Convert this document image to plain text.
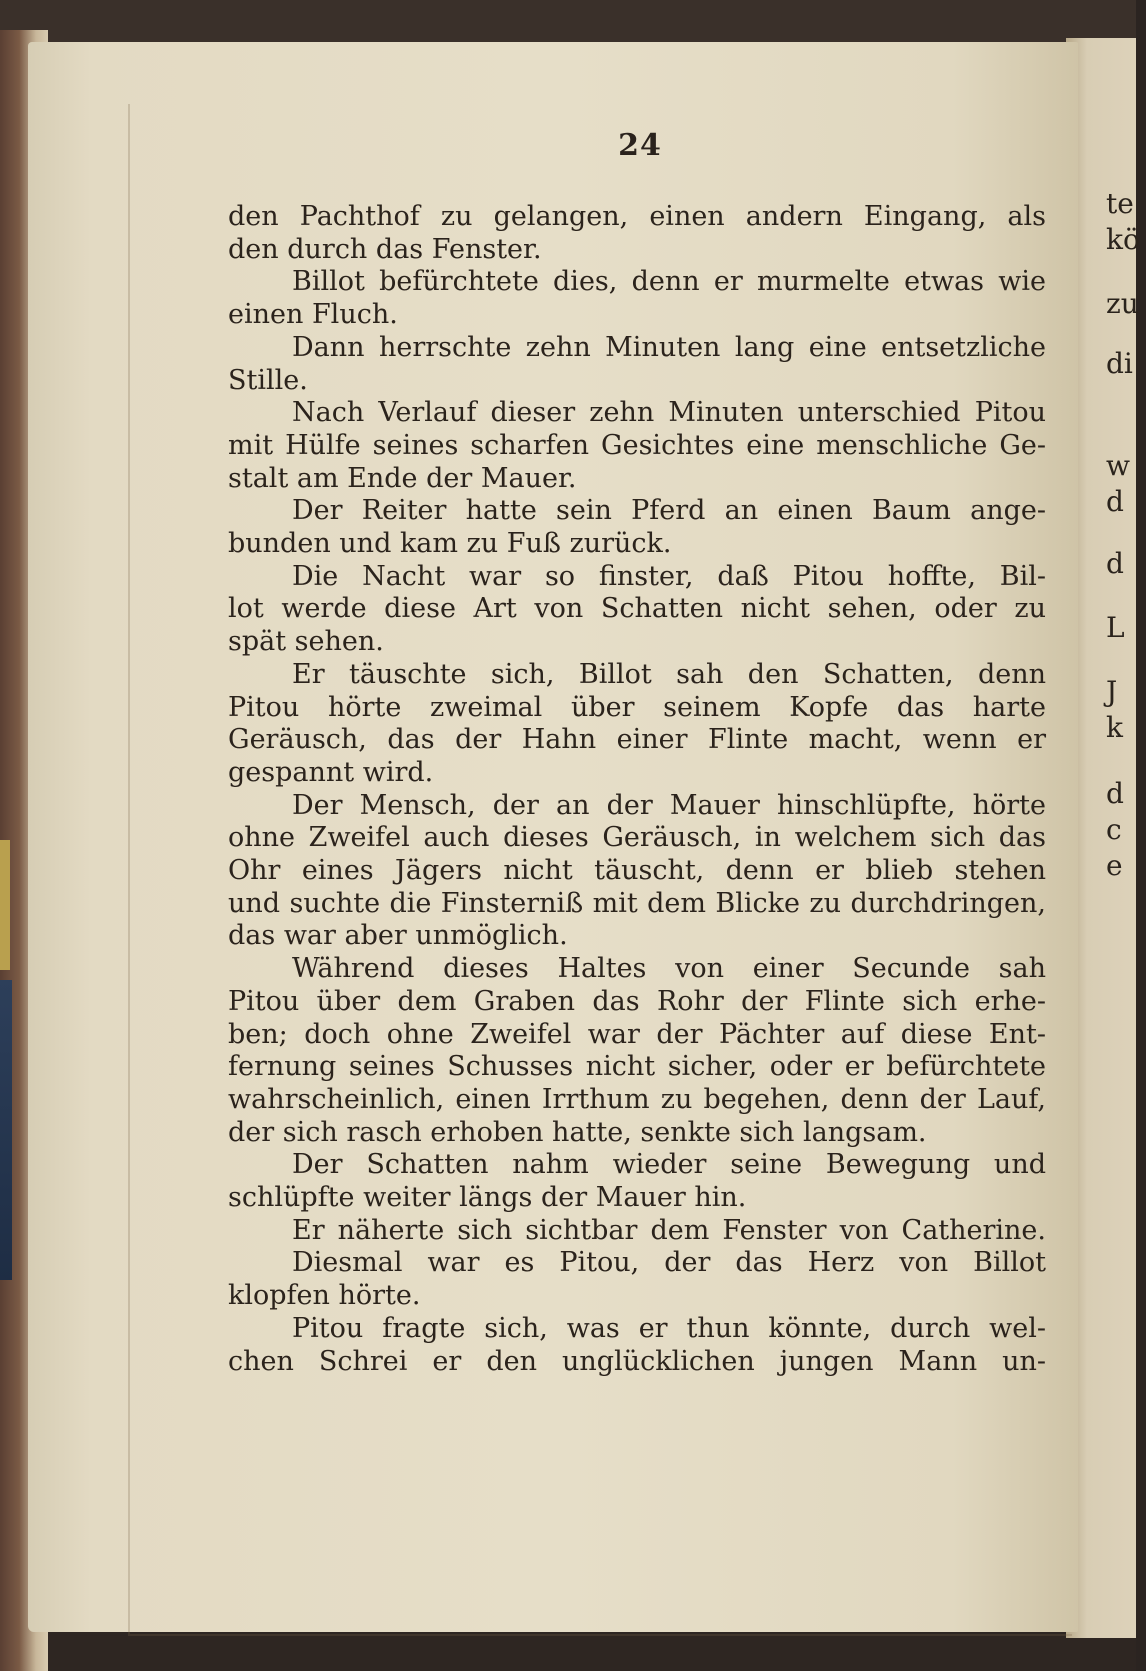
te
kö
zu
di
w
d
d
L
J
k
d
c
e
24
den Pachthof zu gelangen, einen andern Eingang, als
den durch das Fenster.
Billot befürchtete dies, denn er murmelte etwas wie
einen Fluch.
Dann herrschte zehn Minuten lang eine entsetzliche
Stille.
Nach Verlauf dieser zehn Minuten unterschied Pitou
mit Hülfe seines scharfen Gesichtes eine menschliche Ge-
stalt am Ende der Mauer.
Der Reiter hatte sein Pferd an einen Baum ange-
bunden und kam zu Fuß zurück.
Die Nacht war so finster, daß Pitou hoffte, Bil-
lot werde diese Art von Schatten nicht sehen, oder zu
spät sehen.
Er täuschte sich, Billot sah den Schatten, denn
Pitou hörte zweimal über seinem Kopfe das harte
Geräusch, das der Hahn einer Flinte macht, wenn er
gespannt wird.
Der Mensch, der an der Mauer hinschlüpfte, hörte
ohne Zweifel auch dieses Geräusch, in welchem sich das
Ohr eines Jägers nicht täuscht, denn er blieb stehen
und suchte die Finsterniß mit dem Blicke zu durchdringen,
das war aber unmöglich.
Während dieses Haltes von einer Secunde sah
Pitou über dem Graben das Rohr der Flinte sich erhe-
ben; doch ohne Zweifel war der Pächter auf diese Ent-
fernung seines Schusses nicht sicher, oder er befürchtete
wahrscheinlich, einen Irrthum zu begehen, denn der Lauf,
der sich rasch erhoben hatte, senkte sich langsam.
Der Schatten nahm wieder seine Bewegung und
schlüpfte weiter längs der Mauer hin.
Er näherte sich sichtbar dem Fenster von Catherine.
Diesmal war es Pitou, der das Herz von Billot
klopfen hörte.
Pitou fragte sich, was er thun könnte, durch wel-
chen Schrei er den unglücklichen jungen Mann un-
